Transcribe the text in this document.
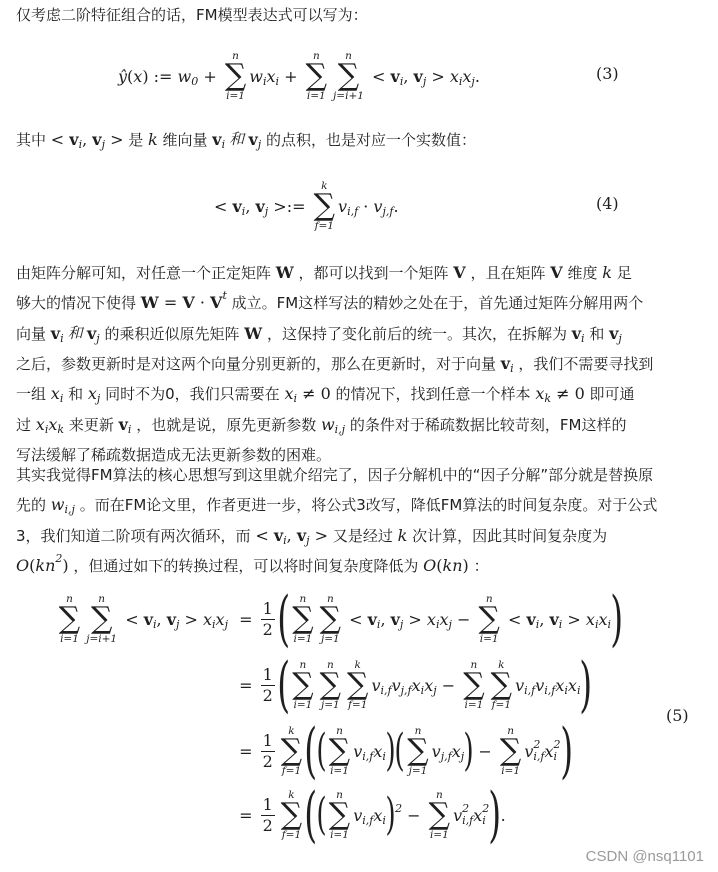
仅考虑二阶特征组合的话，FM模型表达式可以写为：
ŷ ( x ) := w 0 +
n
∑
i=1
w i x i +
n
∑
i=1
n
∑
j=i+1
< v i , v j > x i x j .	(3)
其中 < v i , v j > 是 k 维向量 v i 和 v j 的点积，也是对应一个实数值：
< v i , v j >:=
k
∑
f=1
v i,f · v j,f .	(4)
由矩阵分解可知，对任意一个正定矩阵 W ，都可以找到一个矩阵 V ，且在矩阵 V 维度 k 足
够大的情况下使得 W = V · V t 成立。FM这样写法的精妙之处在于，首先通过矩阵分解用两个
向量 v i 和 v j 的乘积近似原先矩阵 W ，这保持了变化前后的统一。其次，在拆解为 v i 和 v j
之后，参数更新时是对这两个向量分别更新的，那么在更新时，对于向量 v i ，我们不需要寻找到
一组 x i 和 x j 同时不为0，我们只需要在 x i ≠ 0 的情况下，找到任意一个样本 x k ≠ 0 即可通
过 x i x k 来更新 v i ，也就是说，原先更新参数 w i,j 的条件对于稀疏数据比较苛刻，FM这样的
写法缓解了稀疏数据造成无法更新参数的困难。
其实我觉得FM算法的核心思想写到这里就介绍完了，因子分解机中的“因子分解”部分就是替换原
先的 w i,j 。而在FM论文里，作者更进一步，将公式3改写，降低FM算法的时间复杂度。对于公式
3，我们知道二阶项有两次循环，而 < v i , v j > 又是经过 k 次计算，因此其时间复杂度为
O ( kn 2 ) ，但通过如下的转换过程，可以将时间复杂度降低为 O ( kn ) ：
n
∑
i=1
n
∑
j=i+1
< v i , v j > x i x $j = \frac{1}{2}$ ( n
∑
i=1
n
∑
j=1
< v i , v j > x i x j −
n
∑
i=1
< v i , v i > x i x i )
= $\frac{1}{2}$ ( n
∑
i=1
n
∑
j=1
k
∑
f=1
v i,f v j,f x i x j −
n
∑
i=1
k
∑
f=1
v i,f v i,f x i x i )
= $\frac{1}{2}$ k
∑
f=1 (
( n
∑
i=1
v i,f x i )
( n
∑
j=1
v j,f x j ) −
n
∑
i=1
v 2
i,f x 2
i )
= $\frac{1}{2}$ k
∑
f=1 (
( n
∑
i=1
v i,f x i ) 2 −
n
∑
i=1
v 2
i,f x 2
i ) .
(5)
CSDN @nsq1101
